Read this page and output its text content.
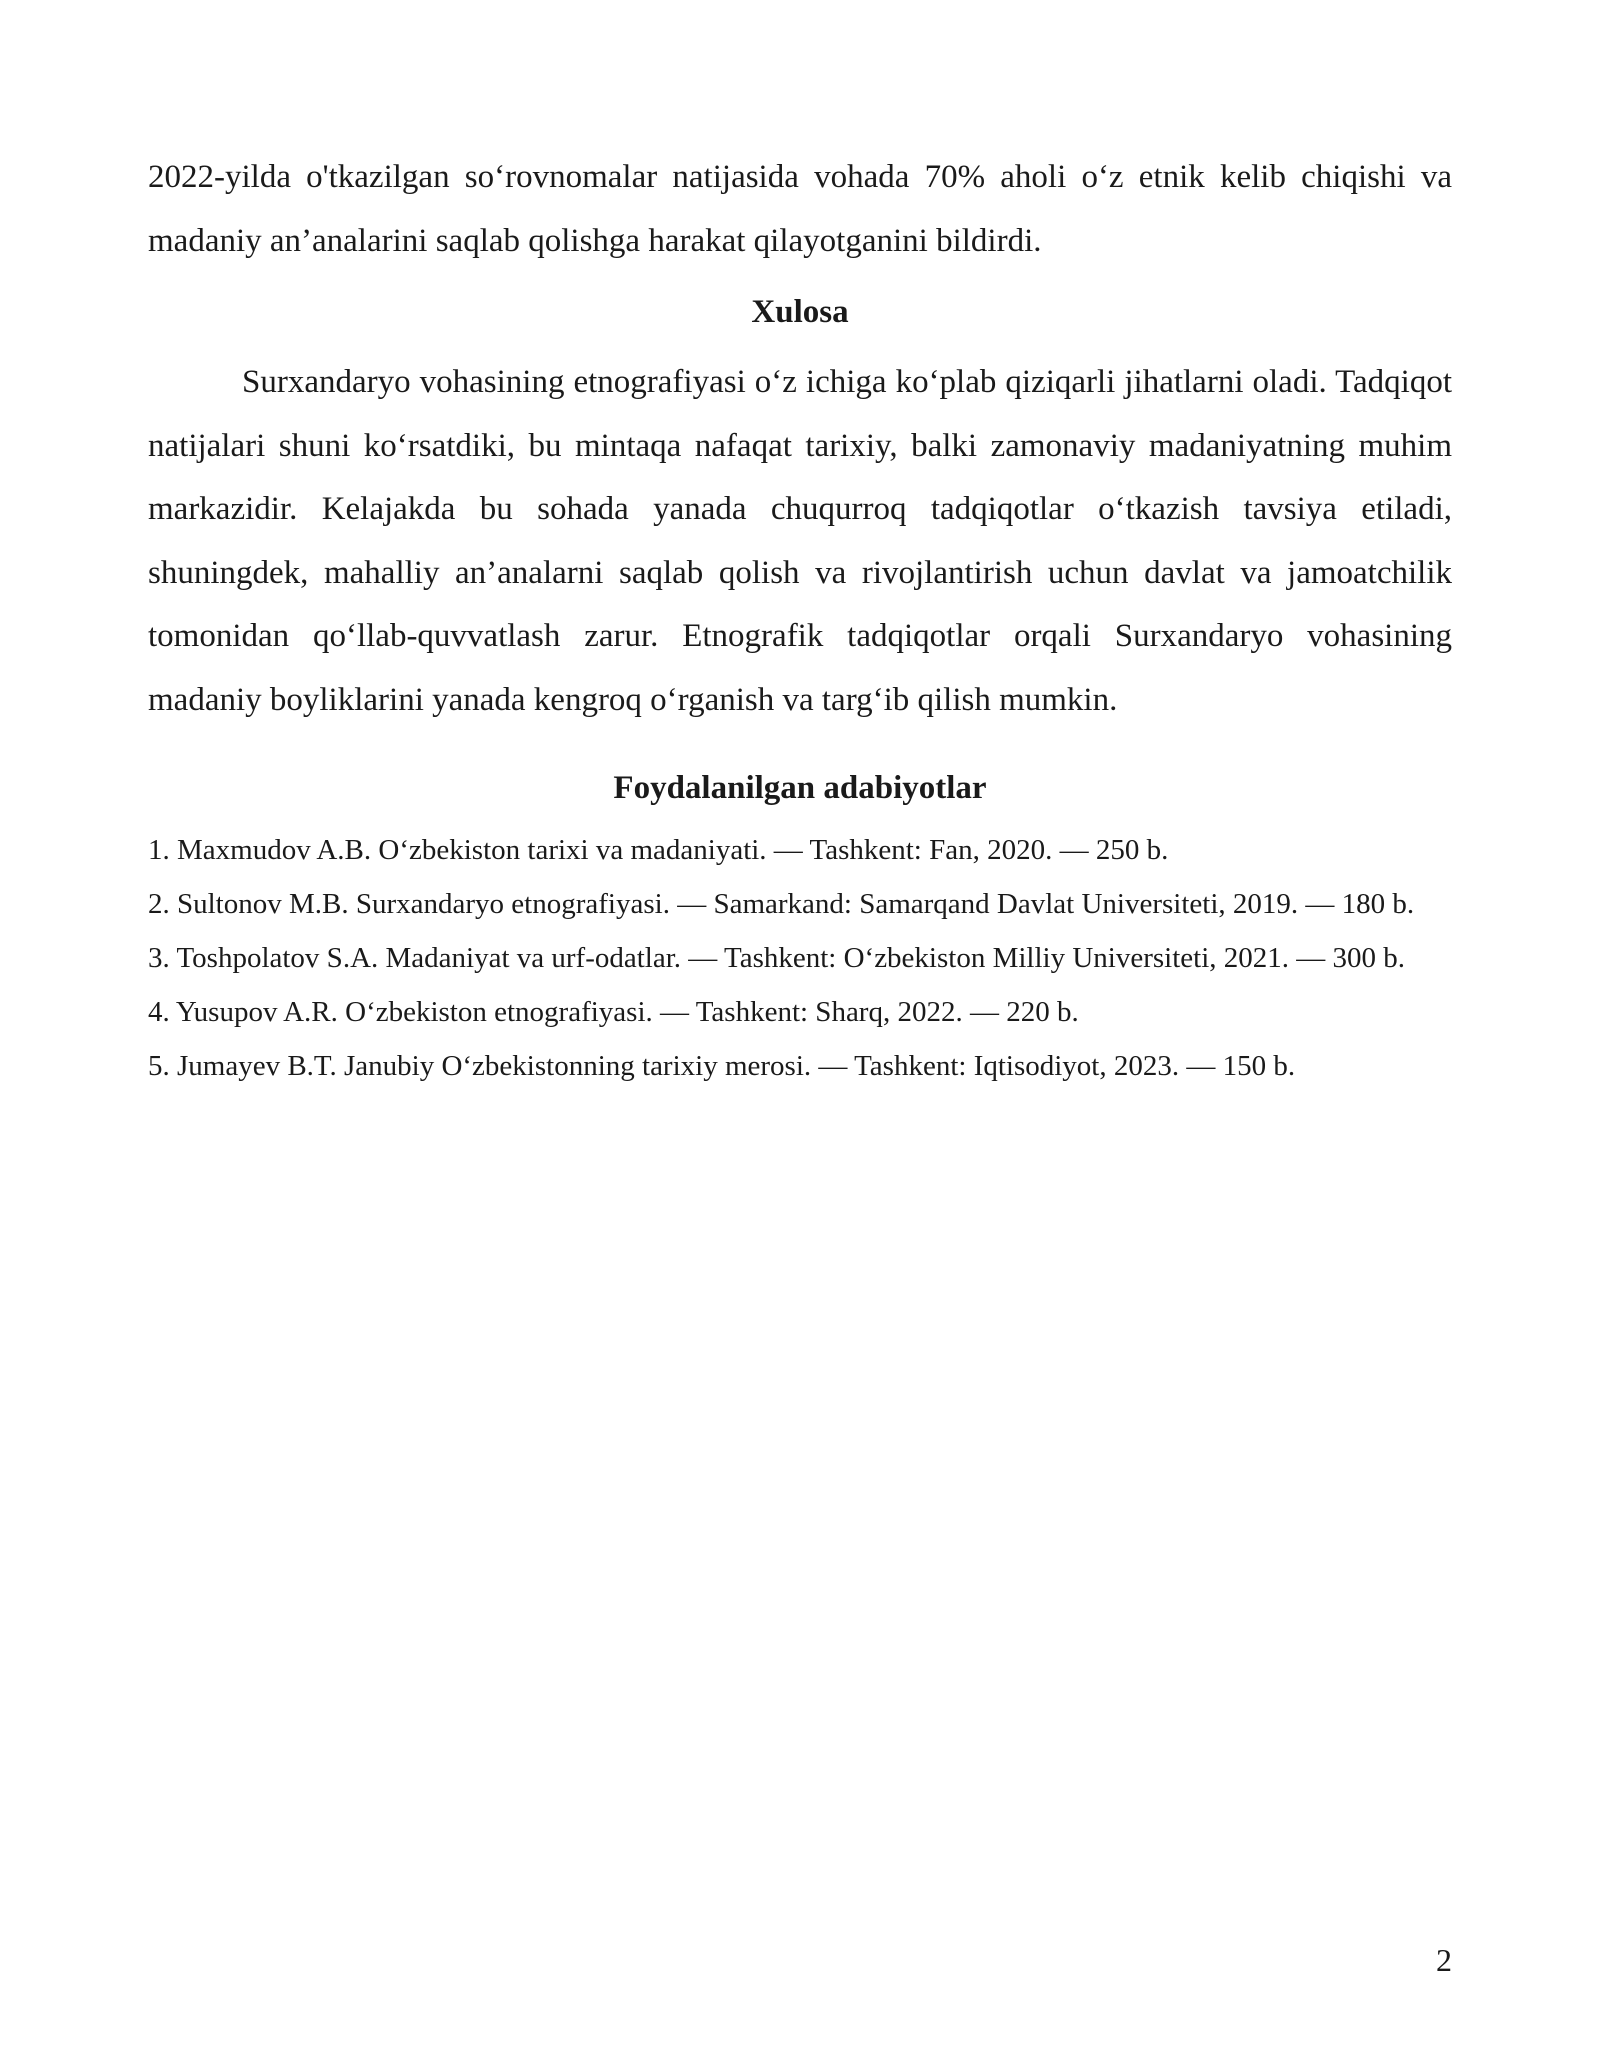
2022-yilda o'tkazilgan soʻrovnomalar natijasida vohada 70% aholi oʻz etnik kelib chiqishi va madaniy an’analarini saqlab qolishga harakat qilayotganini bildirdi.

Xulosa

Surxandaryo vohasining etnografiyasi oʻz ichiga koʻplab qiziqarli jihatlarni oladi. Tadqiqot natijalari shuni koʻrsatdiki, bu mintaqa nafaqat tarixiy, balki zamonaviy madaniyatning muhim markazidir. Kelajakda bu sohada yanada chuqurroq tadqiqotlar oʻtkazish tavsiya etiladi, shuningdek, mahalliy an’analarni saqlab qolish va rivojlantirish uchun davlat va jamoatchilik tomonidan qoʻllab-quvvatlash zarur. Etnografik tadqiqotlar orqali Surxandaryo vohasining madaniy boyliklarini yanada kengroq oʻrganish va targʻib qilish mumkin.

Foydalanilgan adabiyotlar
1. Maxmudov A.B. Oʻzbekiston tarixi va madaniyati. — Tashkent: Fan, 2020. — 250 b.
2. Sultonov M.B. Surxandaryo etnografiyasi. — Samarkand: Samarqand Davlat Universiteti, 2019. — 180 b.
3. Toshpolatov S.A. Madaniyat va urf-odatlar. — Tashkent: Oʻzbekiston Milliy Universiteti, 2021. — 300 b.
4. Yusupov A.R. Oʻzbekiston etnografiyasi. — Tashkent: Sharq, 2022. — 220 b.
5. Jumayev B.T. Janubiy Oʻzbekistonning tarixiy merosi. — Tashkent: Iqtisodiyot, 2023. — 150 b.
2
